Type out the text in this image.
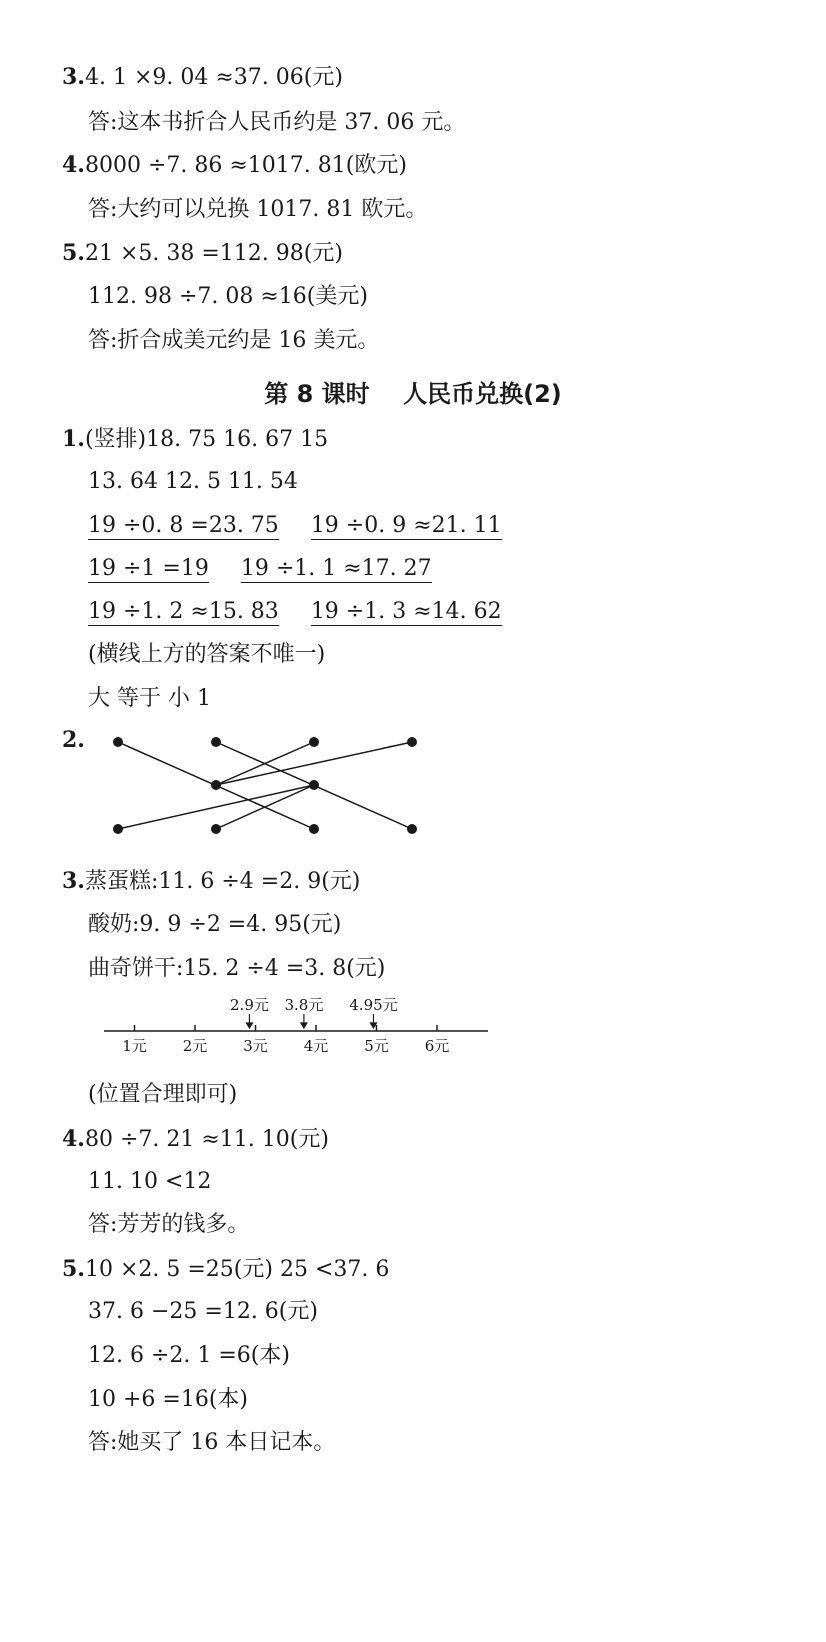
3.4. 1 ×9. 04 ≈37. 06(元)
答:这本书折合人民币约是 37. 06 元。
4.8000 ÷7. 86 ≈1017. 81(欧元)
答:大约可以兑换 1017. 81 欧元。
5.21 ×5. 38 =112. 98(元)
112. 98 ÷7. 08 ≈16(美元)
答:折合成美元约是 16 美元。
第 8 课时    人民币兑换(2)
1.(竖排)18. 75 16. 67 15
13. 64 12. 5 11. 54
19 ÷0. 8 =23. 75 19 ÷0. 9 ≈21. 11
19 ÷1 =19 19 ÷1. 1 ≈17. 27
19 ÷1. 2 ≈15. 83 19 ÷1. 3 ≈14. 62
(横线上方的答案不唯一)
大 等于 小 1
2.
3.蒸蛋糕:11. 6 ÷4 =2. 9(元)
酸奶:9. 9 ÷2 =4. 95(元)
曲奇饼干:15. 2 ÷4 =3. 8(元)
1元 2元 3元 4元 5元 6元
2.9元 3.8元 4.95元
(位置合理即可)
4.80 ÷7. 21 ≈11. 10(元)
11. 10 <12
答:芳芳的钱多。
5.10 ×2. 5 =25(元) 25 <37. 6
37. 6 −25 =12. 6(元)
12. 6 ÷2. 1 =6(本)
10 +6 =16(本)
答:她买了 16 本日记本。
